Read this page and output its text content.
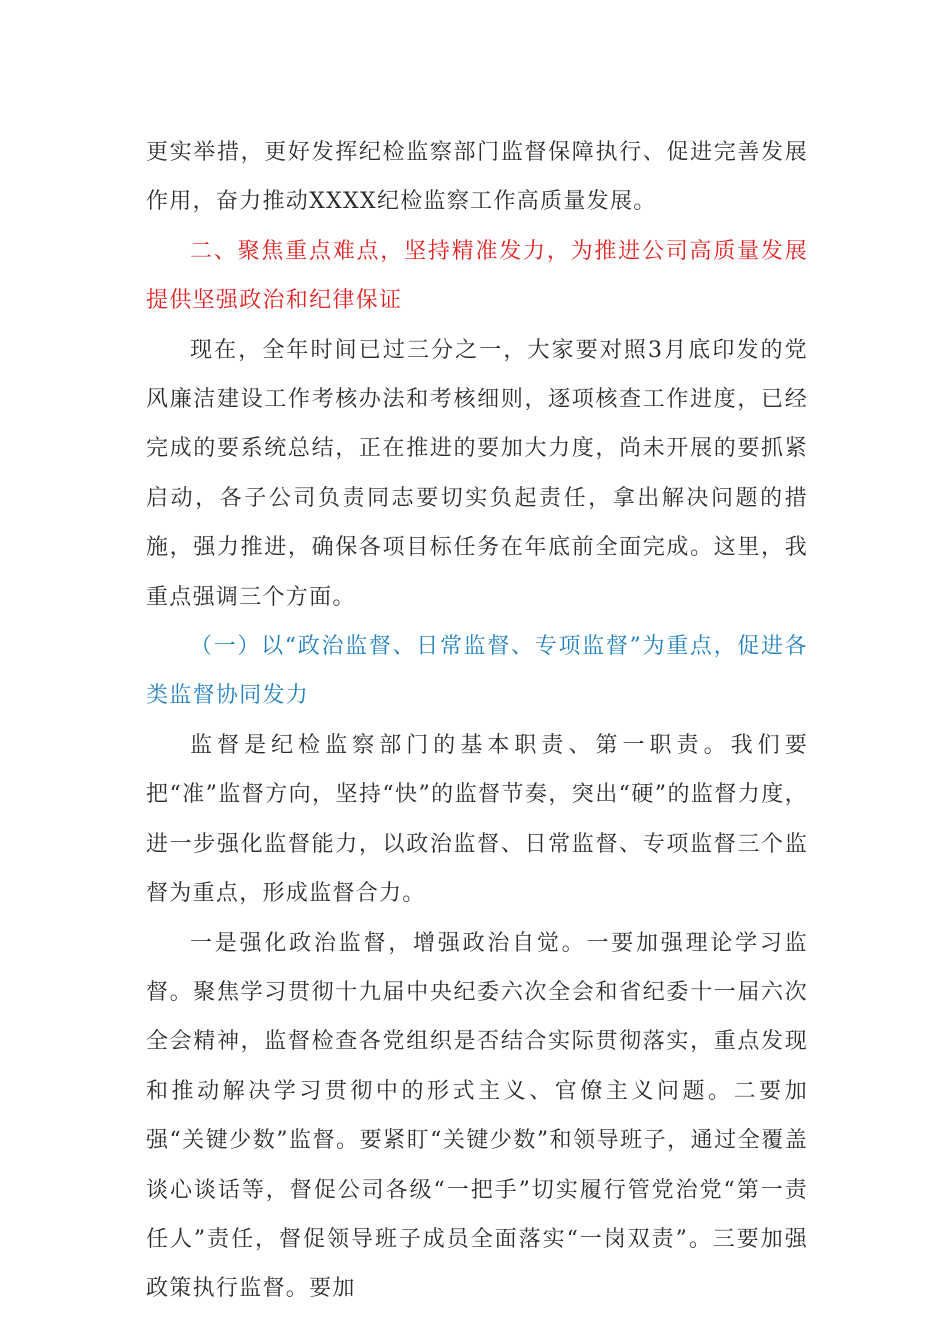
更实举措，更好发挥纪检监察部门监督保障执行、促进完善发展作用，奋力推动XXXX纪检监察工作高质量发展。

二、聚焦重点难点，坚持精准发力，为推进公司高质量发展提供坚强政治和纪律保证

现在，全年时间已过三分之一，大家要对照3月底印发的党风廉洁建设工作考核办法和考核细则，逐项核查工作进度，已经完成的要系统总结，正在推进的要加大力度，尚未开展的要抓紧启动，各子公司负责同志要切实负起责任，拿出解决问题的措施，强力推进，确保各项目标任务在年底前全面完成。这里，我重点强调三个方面。

（一）以“政治监督、日常监督、专项监督”为重点，促进各类监督协同发力

监督是纪检监察部门的基本职责、第一职责。我们要把“准”监督方向，坚持“快”的监督节奏，突出“硬”的监督力度，进一步强化监督能力，以政治监督、日常监督、专项监督三个监督为重点，形成监督合力。

一是强化政治监督，增强政治自觉。一要加强理论学习监督。聚焦学习贯彻十九届中央纪委六次全会和省纪委十一届六次全会精神，监督检查各党组织是否结合实际贯彻落实，重点发现和推动解决学习贯彻中的形式主义、官僚主义问题。二要加强“关键少数”监督。要紧盯“关键少数”和领导班子，通过全覆盖谈心谈话等，督促公司各级“一把手”切实履行管党治党“第一责任人”责任，督促领导班子成员全面落实“一岗双责”。三要加强政策执行监督。要加
